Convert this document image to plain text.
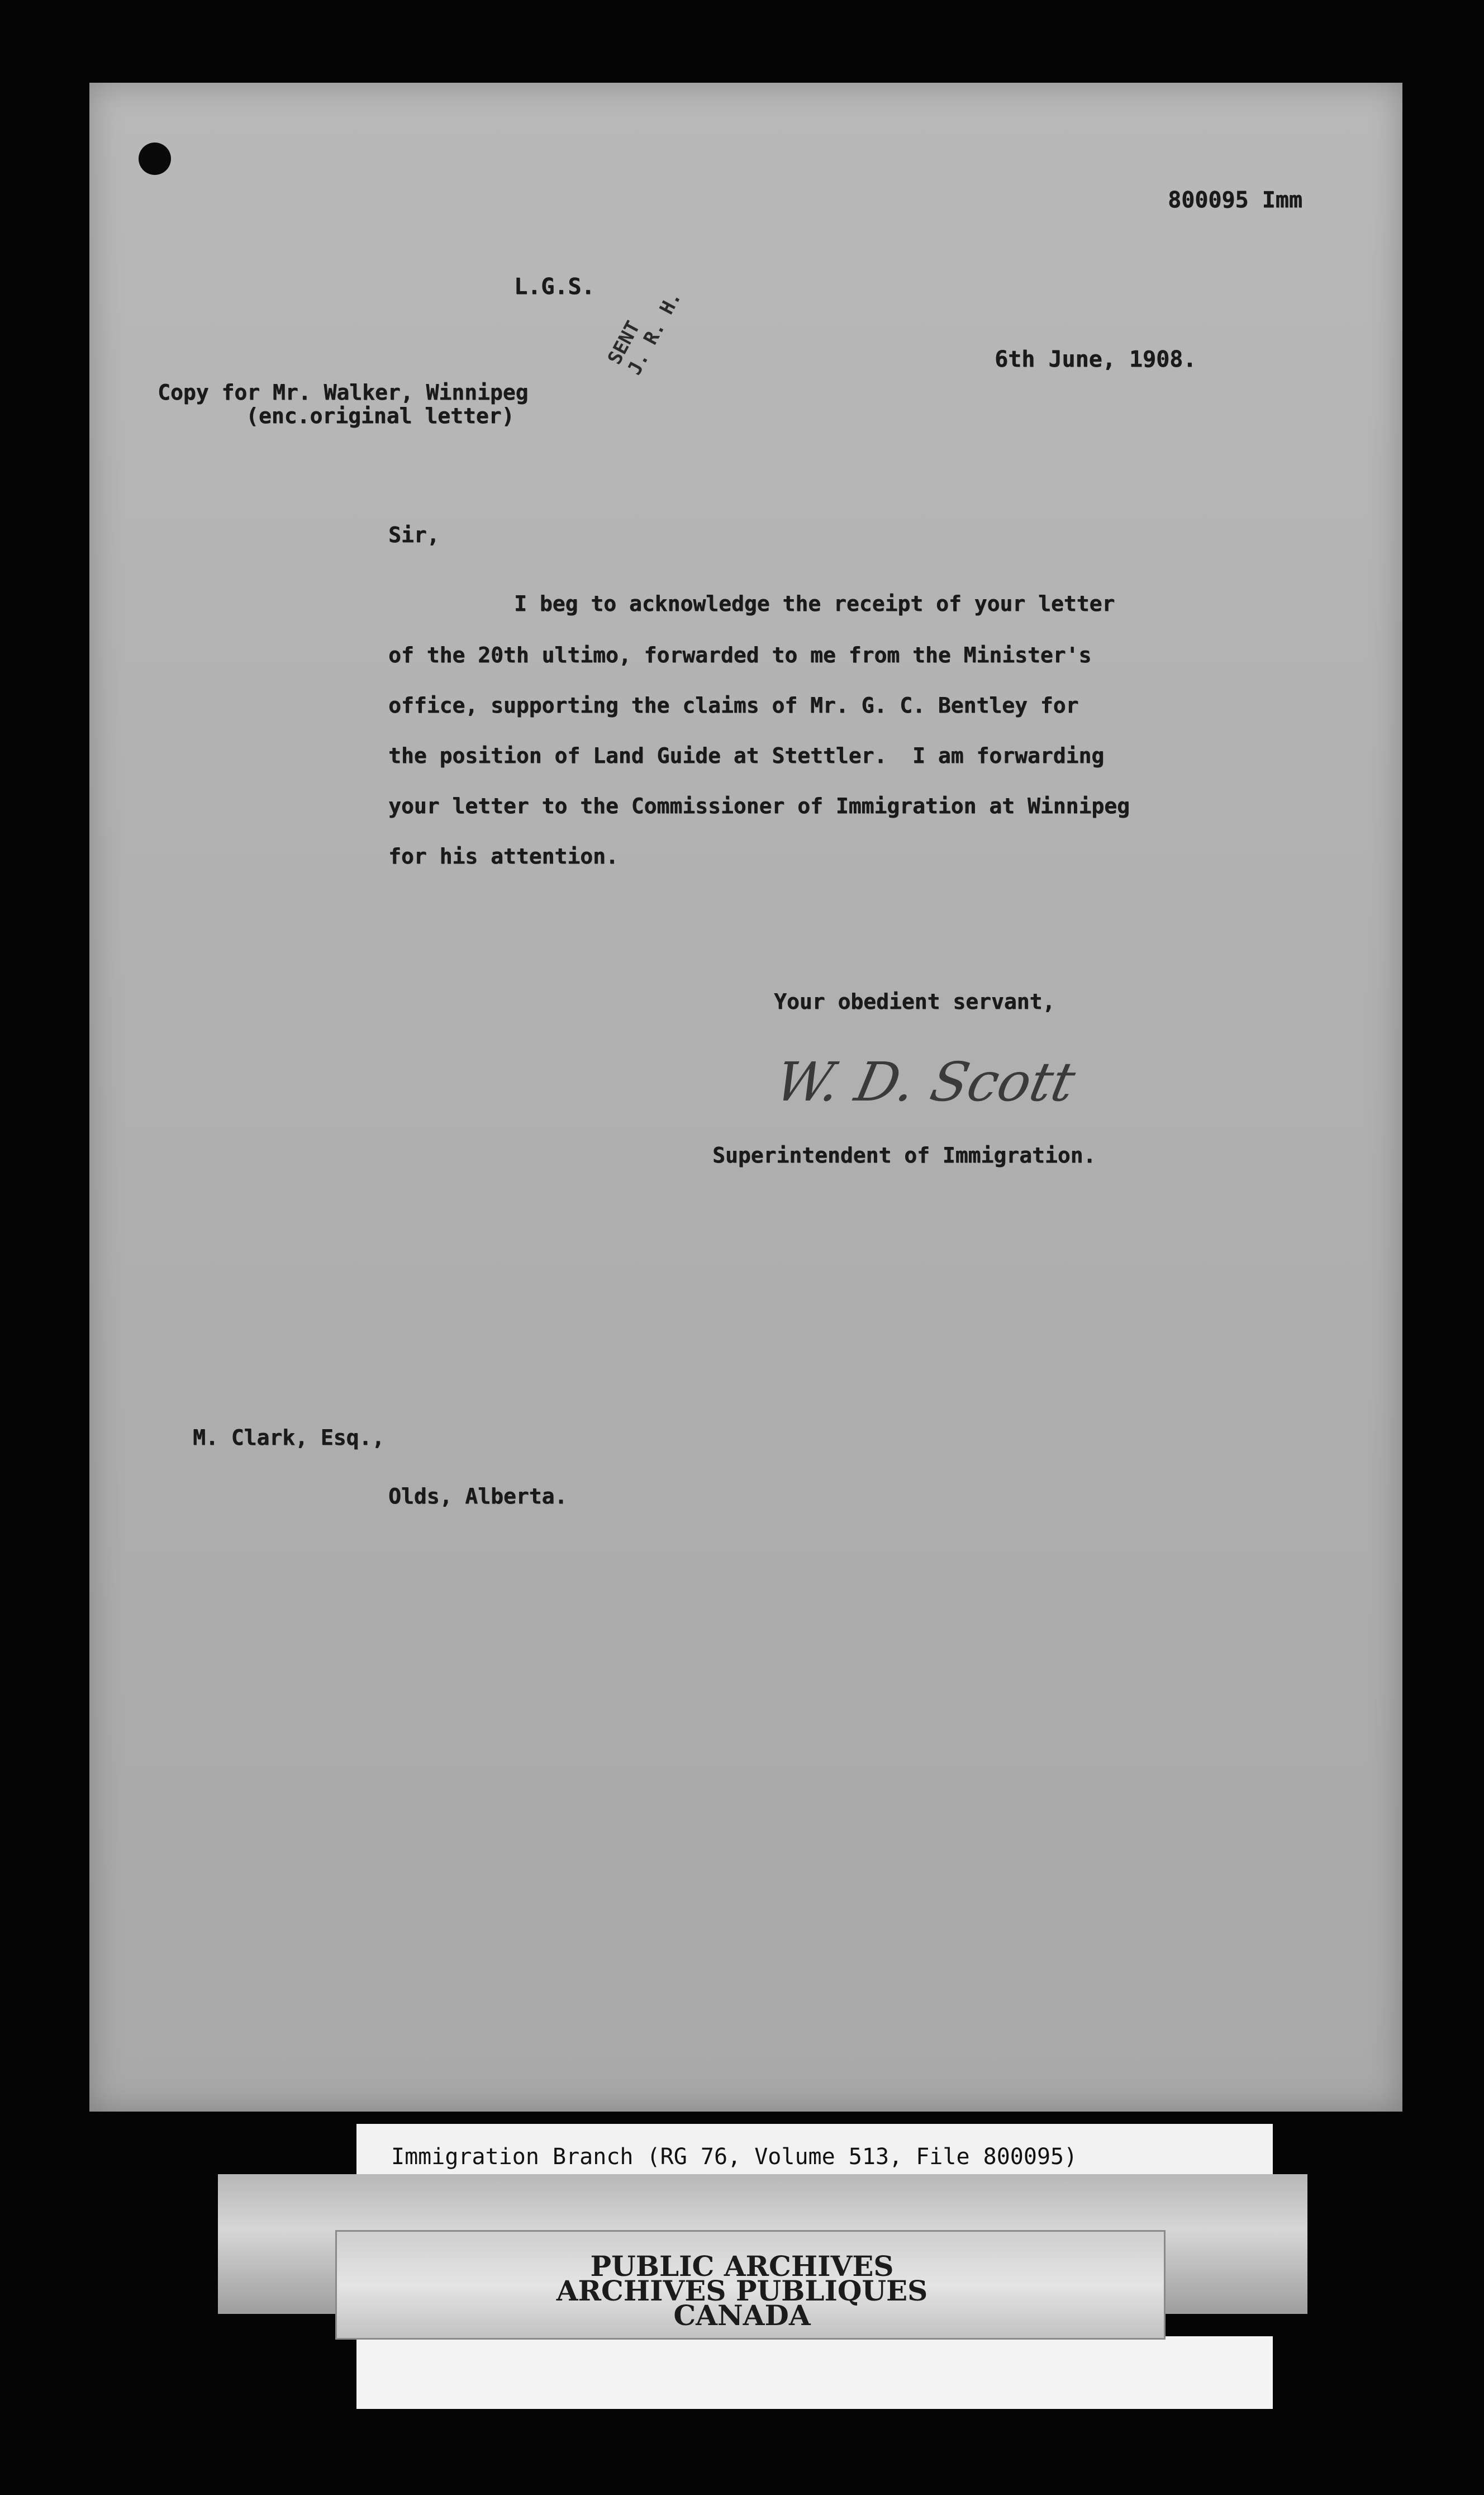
800095 Imm

L.G.S.

6th June, 1908.

Copy for Mr. Walker, Winnipeg

(enc.original letter)

SENT
J. R. H.

Sir,

I beg to acknowledge the receipt of your letter

of the 20th ultimo, forwarded to me from the Minister's

office, supporting the claims of Mr. G. C. Bentley for

the position of Land Guide at Stettler.  I am forwarding

your letter to the Commissioner of Immigration at Winnipeg

for his attention.

Your obedient servant,

W. D. Scott

Superintendent of Immigration.

M. Clark, Esq.,

Olds, Alberta.

Immigration Branch (RG 76, Volume 513, File 800095)
PUBLIC ARCHIVES
ARCHIVES PUBLIQUES
CANADA
